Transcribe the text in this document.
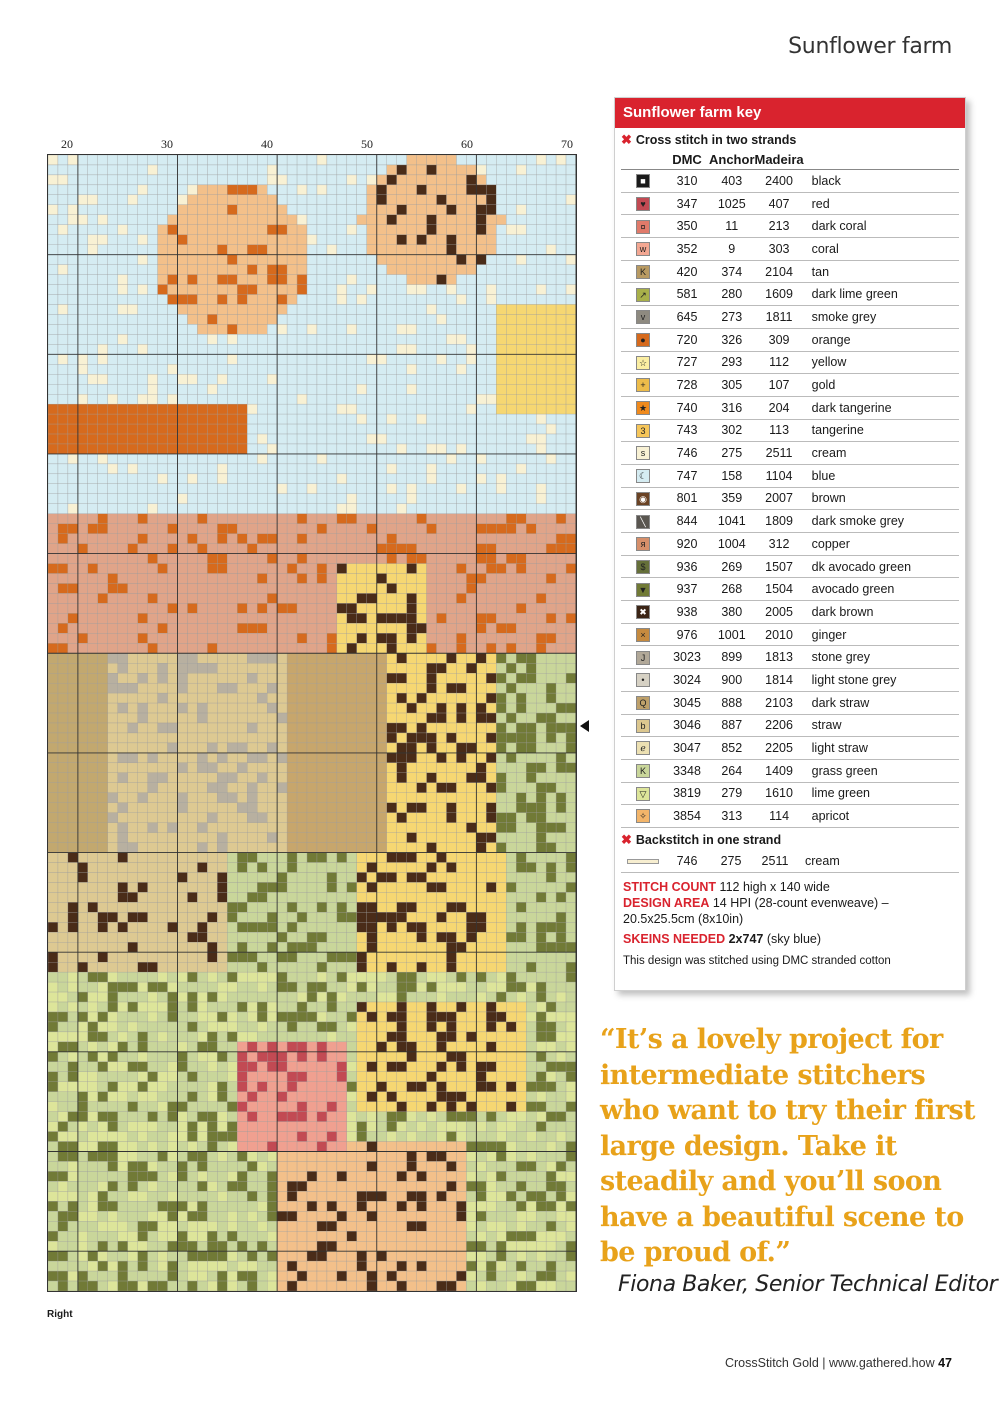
Sunflower farm
20	30	40	50	60	70
Right
Sunflower farm key
✖ Cross stitch in two strands
	DMC	Anchor	Madeira	
■	310	403	2400	black
♥	347	1025	407	red
¤	350	11	213	dark coral
w	352	9	303	coral
K	420	374	2104	tan
↗	581	280	1609	dark lime green
v	645	273	1811	smoke grey
●	720	326	309	orange
☆	727	293	112	yellow
+	728	305	107	gold
★	740	316	204	dark tangerine
3	743	302	113	tangerine
s	746	275	2511	cream
☾	747	158	1104	blue
◉	801	359	2007	brown
╲	844	1041	1809	dark smoke grey
я	920	1004	312	copper
$	936	269	1507	dk avocado green
▼	937	268	1504	avocado green
✖	938	380	2005	dark brown
×	976	1001	2010	ginger
J	3023	899	1813	stone grey
•	3024	900	1814	light stone grey
Q	3045	888	2103	dark straw
b	3046	887	2206	straw
ℯ	3047	852	2205	light straw
K	3348	264	1409	grass green
▽	3819	279	1610	lime green
✧	3854	313	114	apricot
✖ Backstitch in one strand
	746	275	2511	cream
STITCH COUNT 112 high x 140 wide
DESIGN AREA 14 HPI (28-count evenweave) – 20.5x25.5cm (8x10in)
SKEINS NEEDED 2x747 (sky blue)
This design was stitched using DMC stranded cotton
“It’s a lovely project for intermediate stitchers who want to try their first large design. Take it steadily and you’ll soon have a beautiful scene to be proud of.”
Fiona Baker, Senior Technical Editor
CrossStitch Gold | www.gathered.how 47
